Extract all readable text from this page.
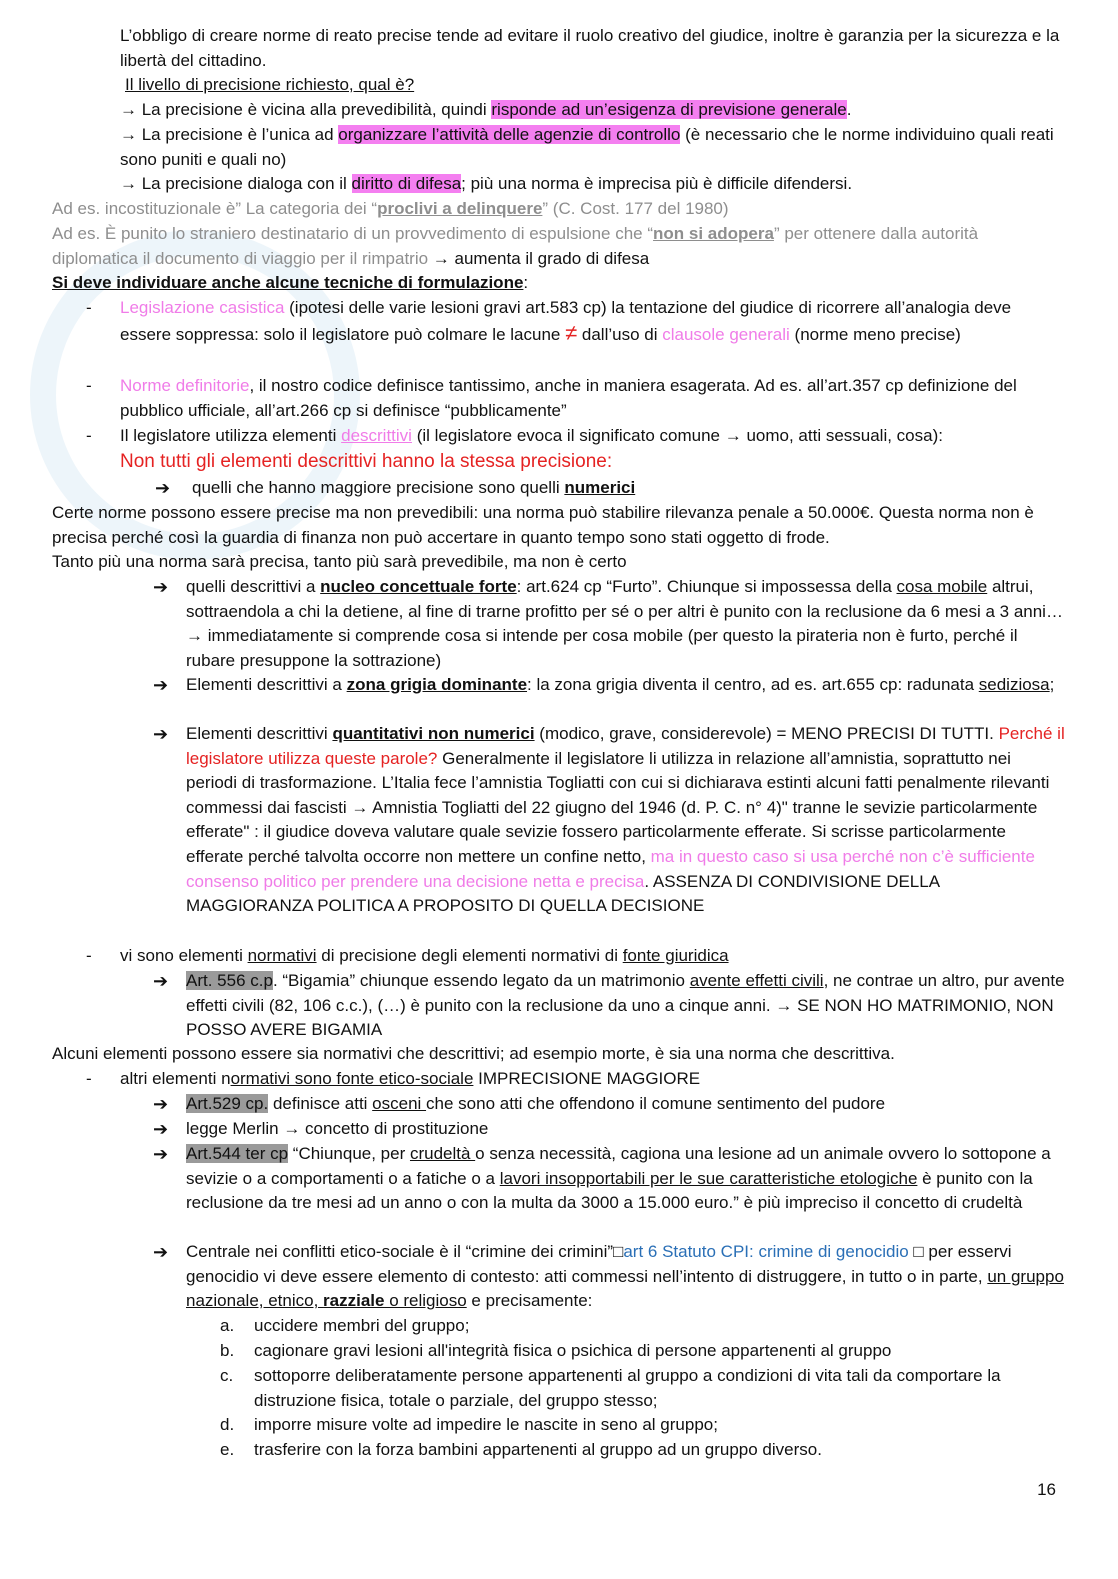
L’obbligo di creare norme di reato precise tende ad evitare il ruolo creativo del giudice, inoltre è garanzia per la sicurezza e la libertà del cittadino.

Il livello di precisione richiesto, qual è?

→ La precisione è vicina alla prevedibilità, quindi risponde ad un’esigenza di previsione generale.

→ La precisione è l’unica ad organizzare l’attività delle agenzie di controllo (è necessario che le norme individuino quali reati sono puniti e quali no)

→ La precisione dialoga con il diritto di difesa; più una norma è imprecisa più è difficile difendersi.

Ad es. incostituzionale è” La categoria dei “proclivi a delinquere” (C. Cost. 177 del 1980)

Ad es. È punito lo straniero destinatario di un provvedimento di espulsione che “non si adopera” per ottenere dalla autorità diplomatica il documento di viaggio per il rimpatrio → aumenta il grado di difesa

Si deve individuare anche alcune tecniche di formulazione:

-	Legislazione casistica (ipotesi delle varie lesioni gravi art.583 cp) la tentazione del giudice di ricorrere all’analogia deve essere soppressa: solo il legislatore può colmare le lacune ≠ dall’uso di clausole generali (norme meno precise)
-	Norme definitorie, il nostro codice definisce tantissimo, anche in maniera esagerata. Ad es. all’art.357 cp definizione del pubblico ufficiale, all’art.266 cp si definisce “pubblicamente”
-	Il legislatore utilizza elementi descrittivi (il legislatore evoca il significato comune → uomo, atti sessuali, cosa):

Non tutti gli elementi descrittivi hanno la stessa precisione:

➔	quelli che hanno maggiore precisione sono quelli numerici

Certe norme possono essere precise ma non prevedibili: una norma può stabilire rilevanza penale a 50.000€. Questa norma non è precisa perché così la guardia di finanza non può accertare in quanto tempo sono stati oggetto di frode.

Tanto più una norma sarà precisa, tanto più sarà prevedibile, ma non è certo

➔	quelli descrittivi a nucleo concettuale forte: art.624 cp “Furto”. Chiunque si impossessa della cosa mobile altrui, sottraendola a chi la detiene, al fine di trarne profitto per sé o per altri è punito con la reclusione da 6 mesi a 3 anni… → immediatamente si comprende cosa si intende per cosa mobile (per questo la pirateria non è furto, perché il rubare presuppone la sottrazione)
➔	Elementi descrittivi a zona grigia dominante: la zona grigia diventa il centro, ad es. art.655 cp: radunata sediziosa;
➔	Elementi descrittivi quantitativi non numerici (modico, grave, considerevole) = MENO PRECISI DI TUTTI. Perché il legislatore utilizza queste parole? Generalmente il legislatore li utilizza in relazione all’amnistia, soprattutto nei periodi di trasformazione. L’Italia fece l’amnistia Togliatti con cui si dichiarava estinti alcuni fatti penalmente rilevanti commessi dai fascisti → Amnistia Togliatti del 22 giugno del 1946 (d. P. C. n° 4)" tranne le sevizie particolarmente efferate" : il giudice doveva valutare quale sevizie fossero particolarmente efferate. Si scrisse particolarmente efferate perché talvolta occorre non mettere un confine netto, ma in questo caso si usa perché non c’è sufficiente consenso politico per prendere una decisione netta e precisa. ASSENZA DI CONDIVISIONE DELLA MAGGIORANZA POLITICA A PROPOSITO DI QUELLA DECISIONE
-	vi sono elementi normativi di precisione degli elementi normativi di fonte giuridica
➔	Art. 556 c.p. “Bigamia” chiunque essendo legato da un matrimonio avente effetti civili, ne contrae un altro, pur avente effetti civili (82, 106 c.c.), (…) è punito con la reclusione da uno a cinque anni. → SE NON HO MATRIMONIO, NON POSSO AVERE BIGAMIA

Alcuni elementi possono essere sia normativi che descrittivi; ad esempio morte, è sia una norma che descrittiva.

-	altri elementi normativi sono fonte etico-sociale IMPRECISIONE MAGGIORE
➔	Art.529 cp. definisce atti osceni che sono atti che offendono il comune sentimento del pudore
➔	legge Merlin → concetto di prostituzione
➔	Art.544 ter cp “Chiunque, per crudeltà o senza necessità, cagiona una lesione ad un animale ovvero lo sottopone a sevizie o a comportamenti o a fatiche o a lavori insopportabili per le sue caratteristiche etologiche è punito con la reclusione da tre mesi ad un anno o con la multa da 3000 a 15.000 euro.” è più impreciso il concetto di crudeltà
➔	Centrale nei conflitti etico-sociale è il “crimine dei crimini”□art 6 Statuto CPI: crimine di genocidio □ per esservi genocidio vi deve essere elemento di contesto: atti commessi nell’intento di distruggere, in tutto o in parte, un gruppo nazionale, etnico, razziale o religioso e precisamente:
a.	uccidere membri del gruppo;
b.	cagionare gravi lesioni all'integrità fisica o psichica di persone appartenenti al gruppo
c.	sottoporre deliberatamente persone appartenenti al gruppo a condizioni di vita tali da comportare la distruzione fisica, totale o parziale, del gruppo stesso;
d.	imporre misure volte ad impedire le nascite in seno al gruppo;
e.	trasferire con la forza bambini appartenenti al gruppo ad un gruppo diverso.
16
